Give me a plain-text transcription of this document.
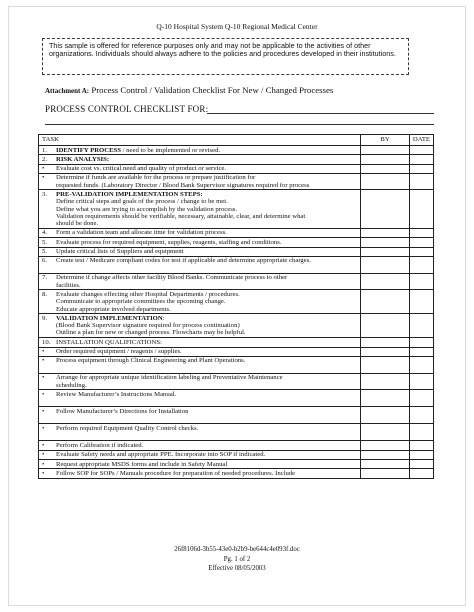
Q-10 Hospital System Q-10 Regional Medical Center
This sample is offered for reference purposes only and may not be applicable to the activities of other organizations. Individuals should always adhere to the policies and procedures developed in their institutions.
Attachment A: Process Control / Validation Checklist For New / Changed Processes
PROCESS CONTROL CHECKLIST FOR:
TASK	BY	DATE

1. IDENTIFY PROCESS / need to be implemented or revised.		

2. RISK ANALYSIS:		

• Evaluate cost vs. critical need and quality of product or service.

• Determine if funds are available for the process or prepare justification for
requested funds. (Laboratory Director / Blood Bank Supervisor signatures required for process

3. PRE-VALIDATION IMPLEMENTATION STEPS:
Define critical steps and goals of the process / change to be met.
Define what you are trying to accomplish by the validation process.
Validation requirements should be verifiable, necessary, attainable, clear, and determine what
should be done.		

4. Form a validation team and allocate time for validation process.		

5. Evaluate process for required equipment, supplies, reagents, staffing and conditions.		

5. Update critical lists of Suppliers and equipment		

6. Create test / Medicare compliant codes for test if applicable and determine appropriate charges.		

7. Determine if change affects other facility Blood Banks. Communicate process to other
facilities.		

8. Evaluate changes effecting other Hospital Departments / procedures.
Communicate to appropriate committees the upcoming change.
Educate appropriate involved departments.		

9. VALIDATION IMPLEMENTATION:
(Blood Bank Supervisor signature required for process continuation)
Outline a plan for new or changed process. Flowcharts may be helpful.		

10. INSTALLATION QUALIFICATIONS:		

• Order required equipment / reagents / supplies.

• Process equipment through Clinical Engineering and Plant Operations.

• Arrange for appropriate unique identification labeling and Preventative Maintenance
scheduling.

• Review Manufacturer’s Instructions Manual.

• Follow Manufacturer’s Directions for Installation

• Perform required Equipment Quality Control checks.

• Perform Calibration if indicated.

• Evaluate Safety needs and appropriate PPE. Incorporate into SOP if indicated.

• Request appropriate MSDS forms and include in Safety Manual

• Follow SOP for SOPs / Manuals procedure for preparation of needed procedures. Include

26f8106d-3b55-43e0-b2b9-be644c4e093f.doc
Pg. 1 of 2
Effective 08/05/2003
